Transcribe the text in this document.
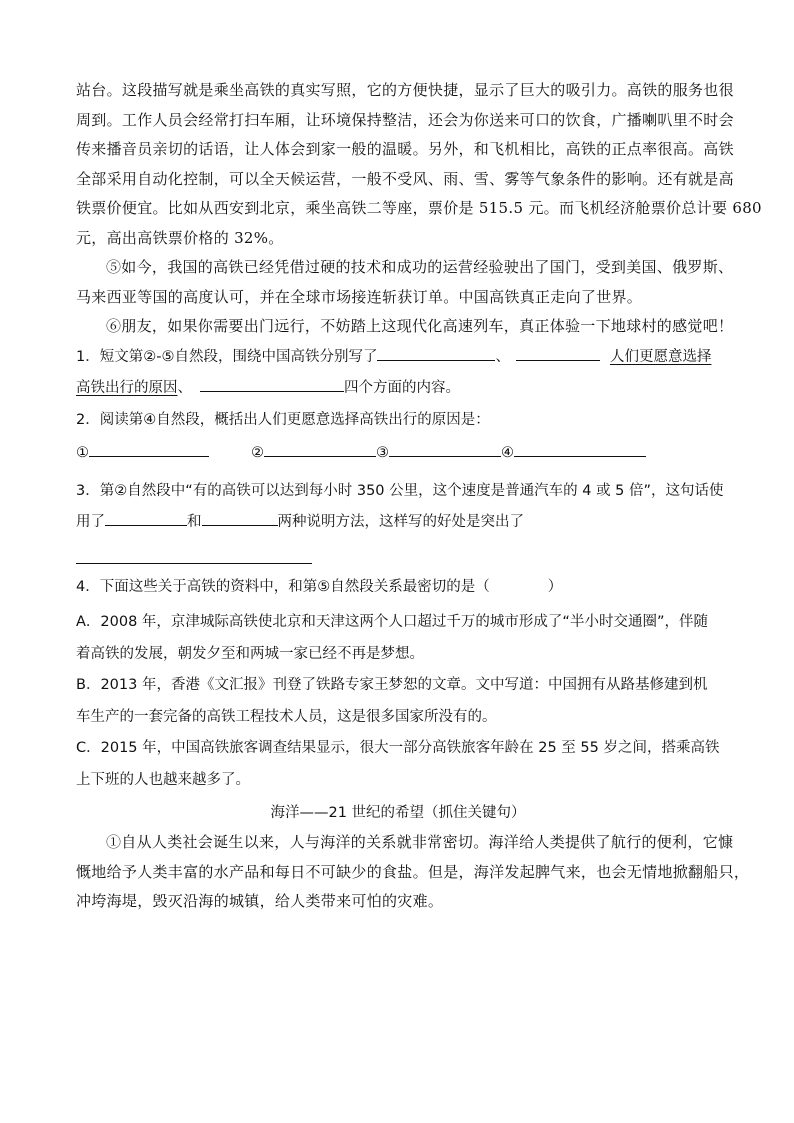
站台。这段描写就是乘坐高铁的真实写照，它的方便快捷，显示了巨大的吸引力。高铁的服务也很
周到。工作人员会经常打扫车厢，让环境保持整洁，还会为你送来可口的饮食，广播喇叭里不时会
传来播音员亲切的话语，让人体会到家一般的温暖。另外，和飞机相比，高铁的正点率很高。高铁
全部采用自动化控制，可以全天候运营，一般不受风、雨、雪、雾等气象条件的影响。还有就是高
铁票价便宜。比如从西安到北京，乘坐高铁二等座，票价是 515.5 元。而飞机经济舱票价总计要 680
元，高出高铁票价格的 32%。
⑤如今，我国的高铁已经凭借过硬的技术和成功的运营经验驶出了国门，受到美国、俄罗斯、
马来西亚等国的高度认可，并在全球市场接连斩获订单。中国高铁真正走向了世界。
⑥朋友，如果你需要出门远行，不妨踏上这现代化高速列车，真正体验一下地球村的感觉吧！
1．短文第②-⑤自然段，围绕中国高铁分别写了	、	人们更愿意选择
高铁出行的原因、	四个方面的内容。
2．阅读第④自然段，概括出人们更愿意选择高铁出行的原因是：
①	②	③	④
3．第②自然段中“有的高铁可以达到每小时 350 公里，这个速度是普通汽车的 4 或 5 倍”，这句话使
用了	和	两种说明方法，这样写的好处是突出了
4．下面这些关于高铁的资料中，和第⑤自然段关系最密切的是（　　　　）
A．2008 年，京津城际高铁使北京和天津这两个人口超过千万的城市形成了“半小时交通圈”，伴随
着高铁的发展，朝发夕至和两城一家已经不再是梦想。
B．2013 年，香港《文汇报》刊登了铁路专家王梦恕的文章。文中写道：中国拥有从路基修建到机
车生产的一套完备的高铁工程技术人员，这是很多国家所没有的。
C．2015 年，中国高铁旅客调查结果显示，很大一部分高铁旅客年龄在 25 至 55 岁之间，搭乘高铁
上下班的人也越来越多了。
海洋——21 世纪的希望（抓住关键句）
①自从人类社会诞生以来，人与海洋的关系就非常密切。海洋给人类提供了航行的便利，它慷
慨地给予人类丰富的水产品和每日不可缺少的食盐。但是，海洋发起脾气来，也会无情地掀翻船只，
冲垮海堤，毁灭沿海的城镇，给人类带来可怕的灾难。
